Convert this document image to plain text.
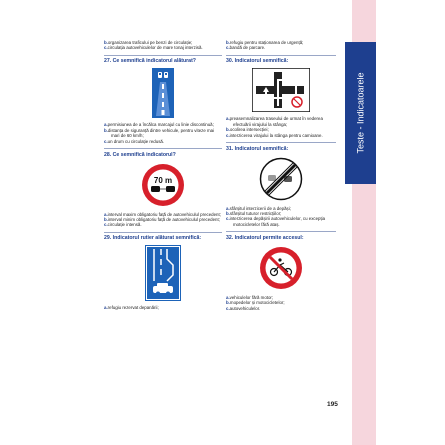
Teste - Indicatoarele

b.organizarea traficului pe benzi de circulație;

c.circulația autovehiculelor de mare tonaj interzisă.

27. Ce semnifică indicatorul alăturat?

a.permisiunea de a încălca marcajul cu linie discontinuă;

b.distanța de siguranță dintre vehicule, pentru viteze mai mari de 60 km/h;

c.un drum cu circulație redusă.

28. Ce semnifică indicatorul?

70 m

a.interval maxim obligatoriu față de autovehiculul precedent;

b.interval minim obligatoriu față de autovehiculul precedent;

c.circulație intensă.

29. Indicatorul rutier alăturat semnifică:

a.refugiu rezervat depanării;

b.refugiu pentru staționarea de urgență;

c.bandă de parcare.

30. Indicatorul semnifică:

a.preasemnalizarea traseului de urmat în vederea efectuării virajului la stânga;

b.ocolirea intersecției;

c.interzicerea virajului la stânga pentru camioane.

31. Indicatorul semnifică:

a.sfârșitul interzicerii de a depăși;

b.sfârșitul tuturor restricțiilor;

c.interzicerea depășirii autovehiculelor, cu excepția motocicletelor fără ataș.

32. Indicatorul permite accesul:

a.vehiculelor fără motor;

b.mopedelor și motocicletelor;

c.autovehiculelor.

195
